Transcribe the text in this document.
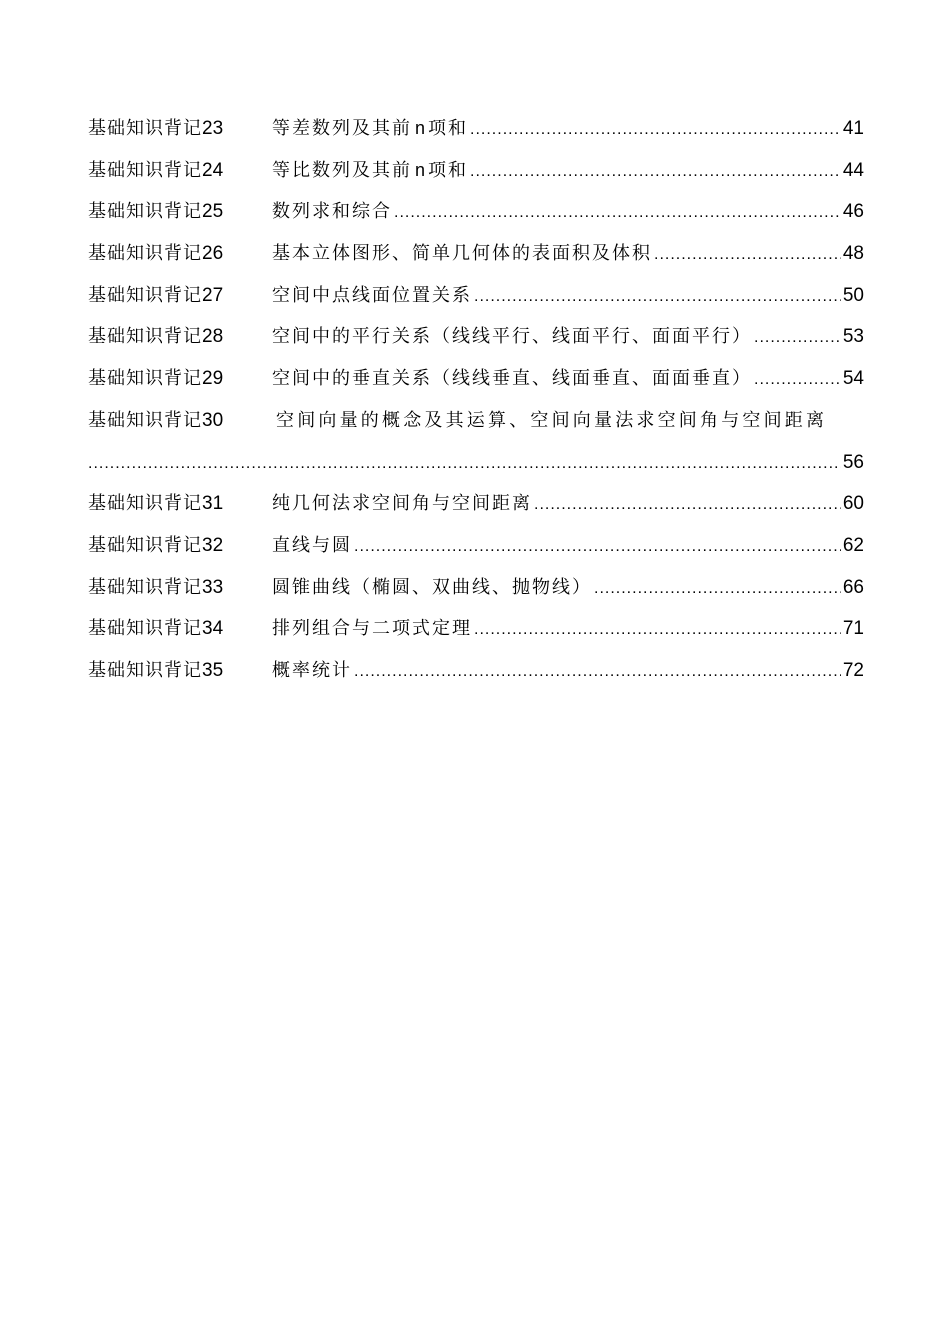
基础知识背记23	等差数列及其前 n 项和 .....	41
基础知识背记24	等比数列及其前 n 项和 .....	44
基础知识背记25	数列求和综合 .....	46
基础知识背记26	基本立体图形、简单几何体的表面积及体积 .....	48
基础知识背记27	空间中点线面位置关系 .....	50
基础知识背记28	空间中的平行关系（线线平行、线面平行、面面平行） .....	53
基础知识背记29	空间中的垂直关系（线线垂直、线面垂直、面面垂直） .....	54
基础知识背记30	空间向量的概念及其运算、空间向量法求空间角与空间距离
.....
56
基础知识背记31	纯几何法求空间角与空间距离 .....	60
基础知识背记32	直线与圆 .....	62
基础知识背记33	圆锥曲线（椭圆、双曲线、抛物线） .....	66
基础知识背记34	排列组合与二项式定理 .....	71
基础知识背记35	概率统计 .....	72
